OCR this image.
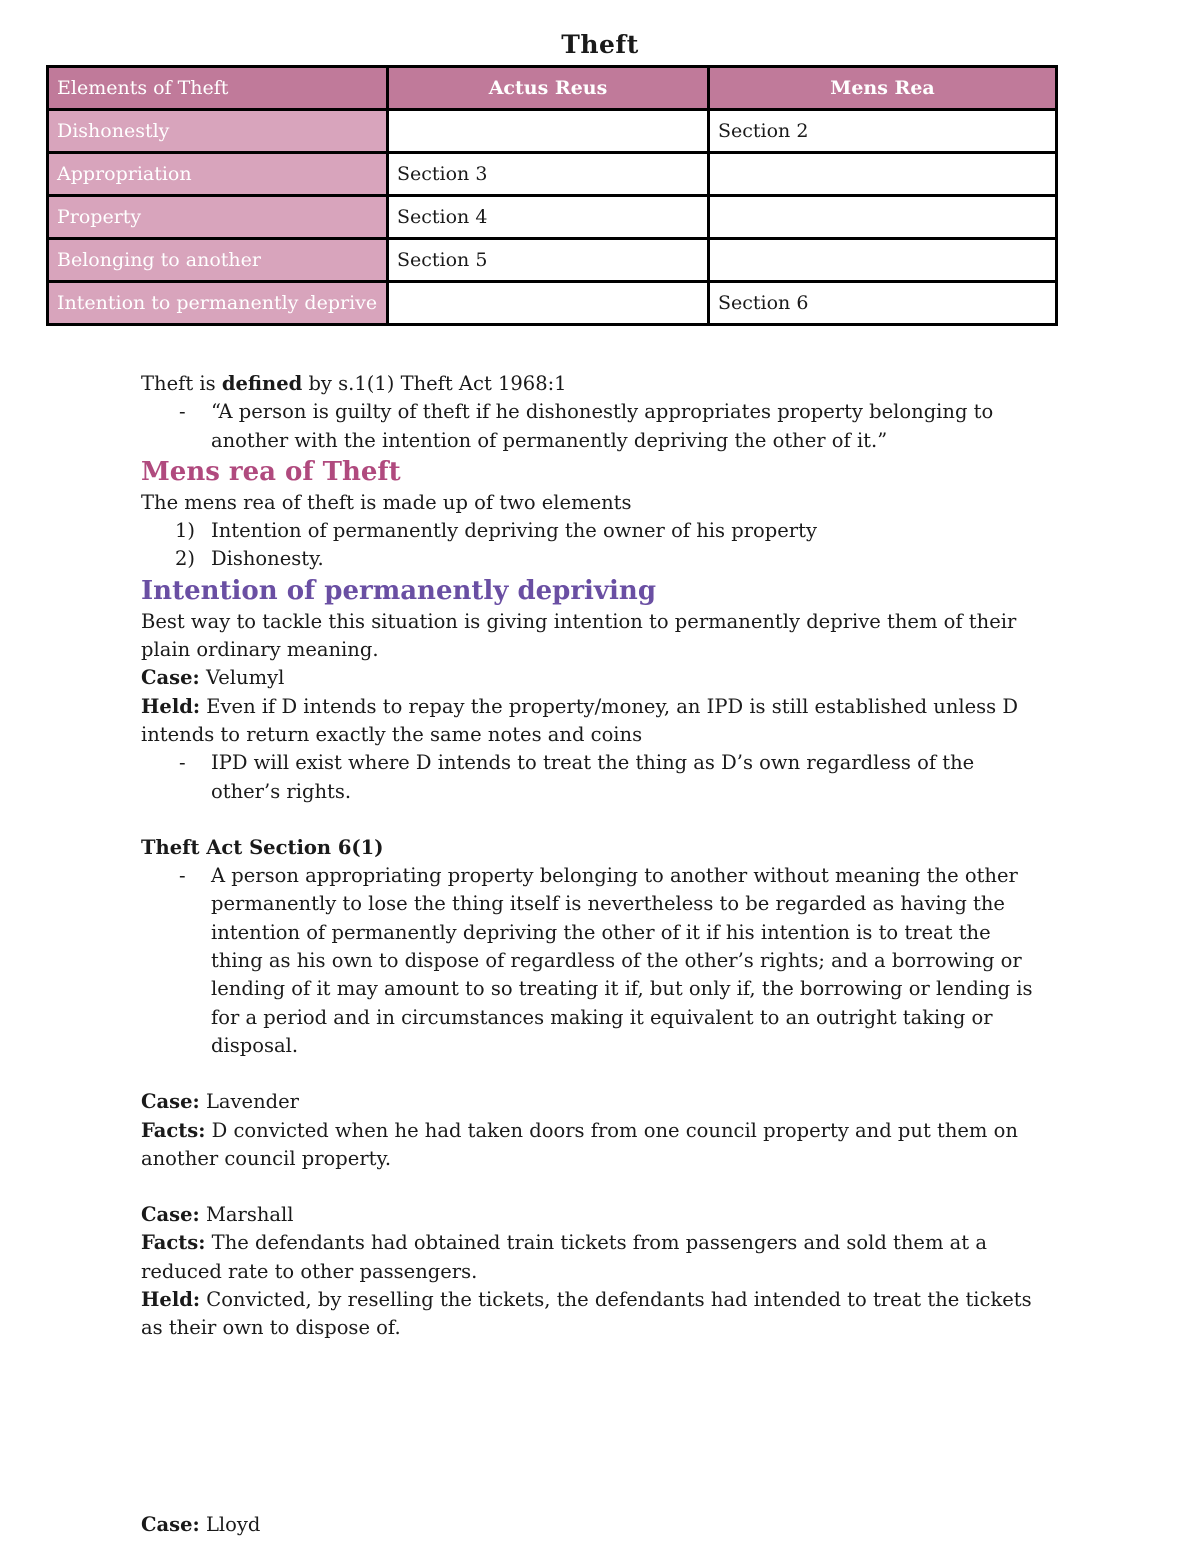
Theft
Elements of Theft	Actus Reus	Mens Rea
Dishonestly		Section 2
Appropriation	Section 3	
Property	Section 4	
Belonging to another	Section 5	
Intention to permanently deprive		Section 6

Theft is defined by s.1(1) Theft Act 1968:1

- “A person is guilty of theft if he dishonestly appropriates property belonging to another with the intention of permanently depriving the other of it.”

Mens rea of Theft

The mens rea of theft is made up of two elements

1) Intention of permanently depriving the owner of his property

2) Dishonesty.

Intention of permanently depriving

Best way to tackle this situation is giving intention to permanently deprive them of their plain ordinary meaning.

Case: Velumyl

Held: Even if D intends to repay the property/money, an IPD is still established unless D intends to return exactly the same notes and coins

- IPD will exist where D intends to treat the thing as D’s own regardless of the other’s rights.

Theft Act Section 6(1)

- A person appropriating property belonging to another without meaning the other permanently to lose the thing itself is nevertheless to be regarded as having the intention of permanently depriving the other of it if his intention is to treat the thing as his own to dispose of regardless of the other’s rights; and a borrowing or lending of it may amount to so treating it if, but only if, the borrowing or lending is for a period and in circumstances making it equivalent to an outright taking or disposal.

Case: Lavender

Facts: D convicted when he had taken doors from one council property and put them on another council property.

Case: Marshall

Facts: The defendants had obtained train tickets from passengers and sold them at a reduced rate to other passengers.

Held: Convicted, by reselling the tickets, the defendants had intended to treat the tickets as their own to dispose of.

Case: Lloyd
